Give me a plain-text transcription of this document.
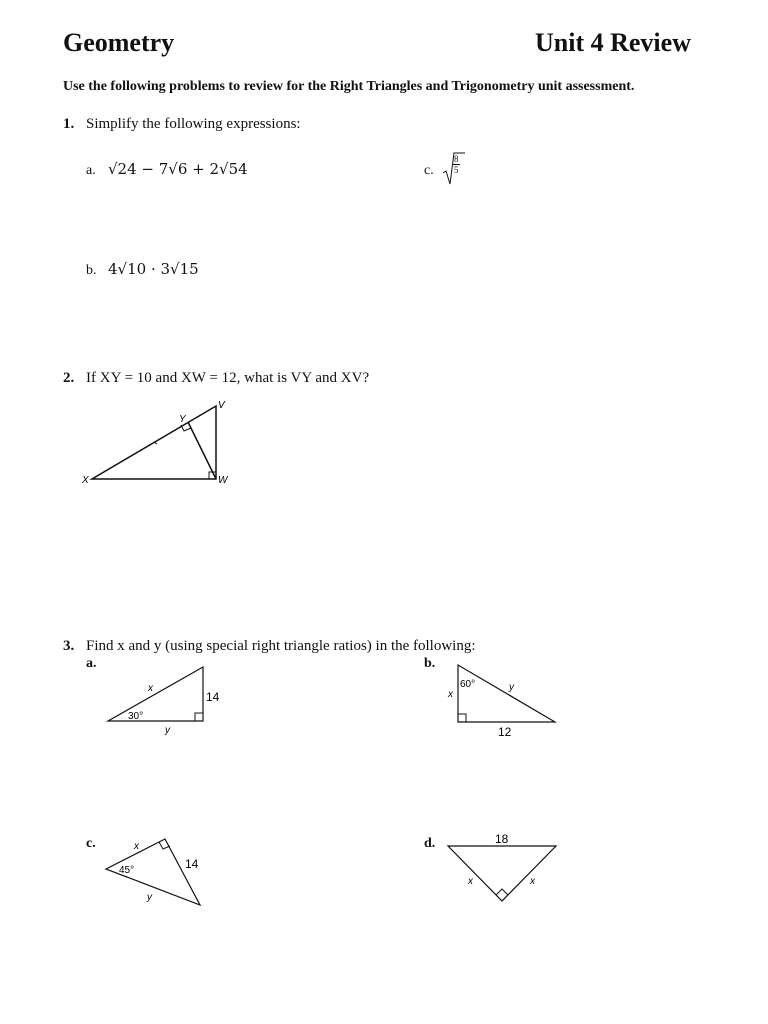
Geometry	Unit 4 Review
Use the following problems to review for the Right Triangles and Trigonometry unit assessment.
1. Simplify the following expressions:
a. √24 − 7√6 + 2√54	c. $\frac{8}{5}$
b. 4√10 · 3√15
2. If XY = 10 and XW = 12, what is VY and XV?
V
Y
X	W
3. Find x and y (using special right triangle ratios) in the following:
a.
x
14
30°
y
b.
60°
x
y
12
c.	x
45°	14
y
d.	18
x	x
